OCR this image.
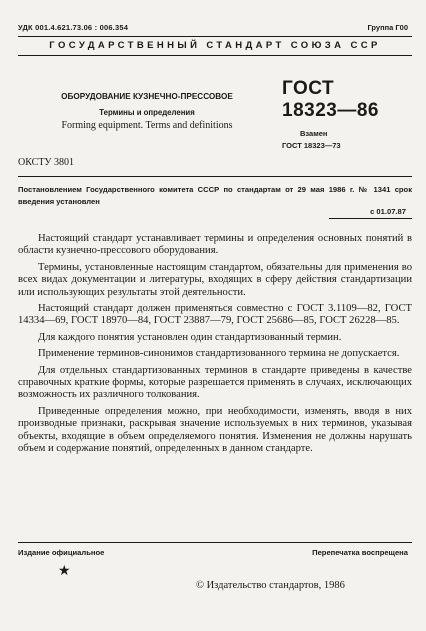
УДК 001.4.621.73.06 : 006.354	Группа Г00
ГОСУДАРСТВЕННЫЙ СТАНДАРТ СОЮЗА ССР
ОБОРУДОВАНИЕ КУЗНЕЧНО-ПРЕССОВОЕ
Термины и определения
Forming equipment. Terms and definitions
ГОСТ
18323—86
Взамен
ГОСТ 18323—73
ОКСТУ 3801
Постановлением Государственного комитета СССР по стандартам от 29 мая 1986 г. № 1341 срок введения установлен
с 01.07.87

Настоящий стандарт устанавливает термины и определения основных понятий в области кузнечно-прессового оборудования.

Термины, установленные настоящим стандартом, обязательны для применения во всех видах документации и литературы, входящих в сферу действия стандартизации или использующих результаты этой деятельности.

Настоящий стандарт должен применяться совместно с ГОСТ 3.1109—82, ГОСТ 14334—69, ГОСТ 18970—84, ГОСТ 23887—79, ГОСТ 25686—85, ГОСТ 26228—85.

Для каждого понятия установлен один стандартизованный термин.

Применение терминов-синонимов стандартизованного термина не допускается.

Для отдельных стандартизованных терминов в стандарте приведены в качестве справочных краткие формы, которые разрешается применять в случаях, исключающих возможность их различного толкования.

Приведенные определения можно, при необходимости, изменять, вводя в них производные признаки, раскрывая значение используемых в них терминов, указывая объекты, входящие в объем определяемого понятия. Изменения не должны нарушать объем и содержание понятий, определенных в данном стандарте.

Издание официальное	Перепечатка воспрещена
★
© Издательство стандартов, 1986
